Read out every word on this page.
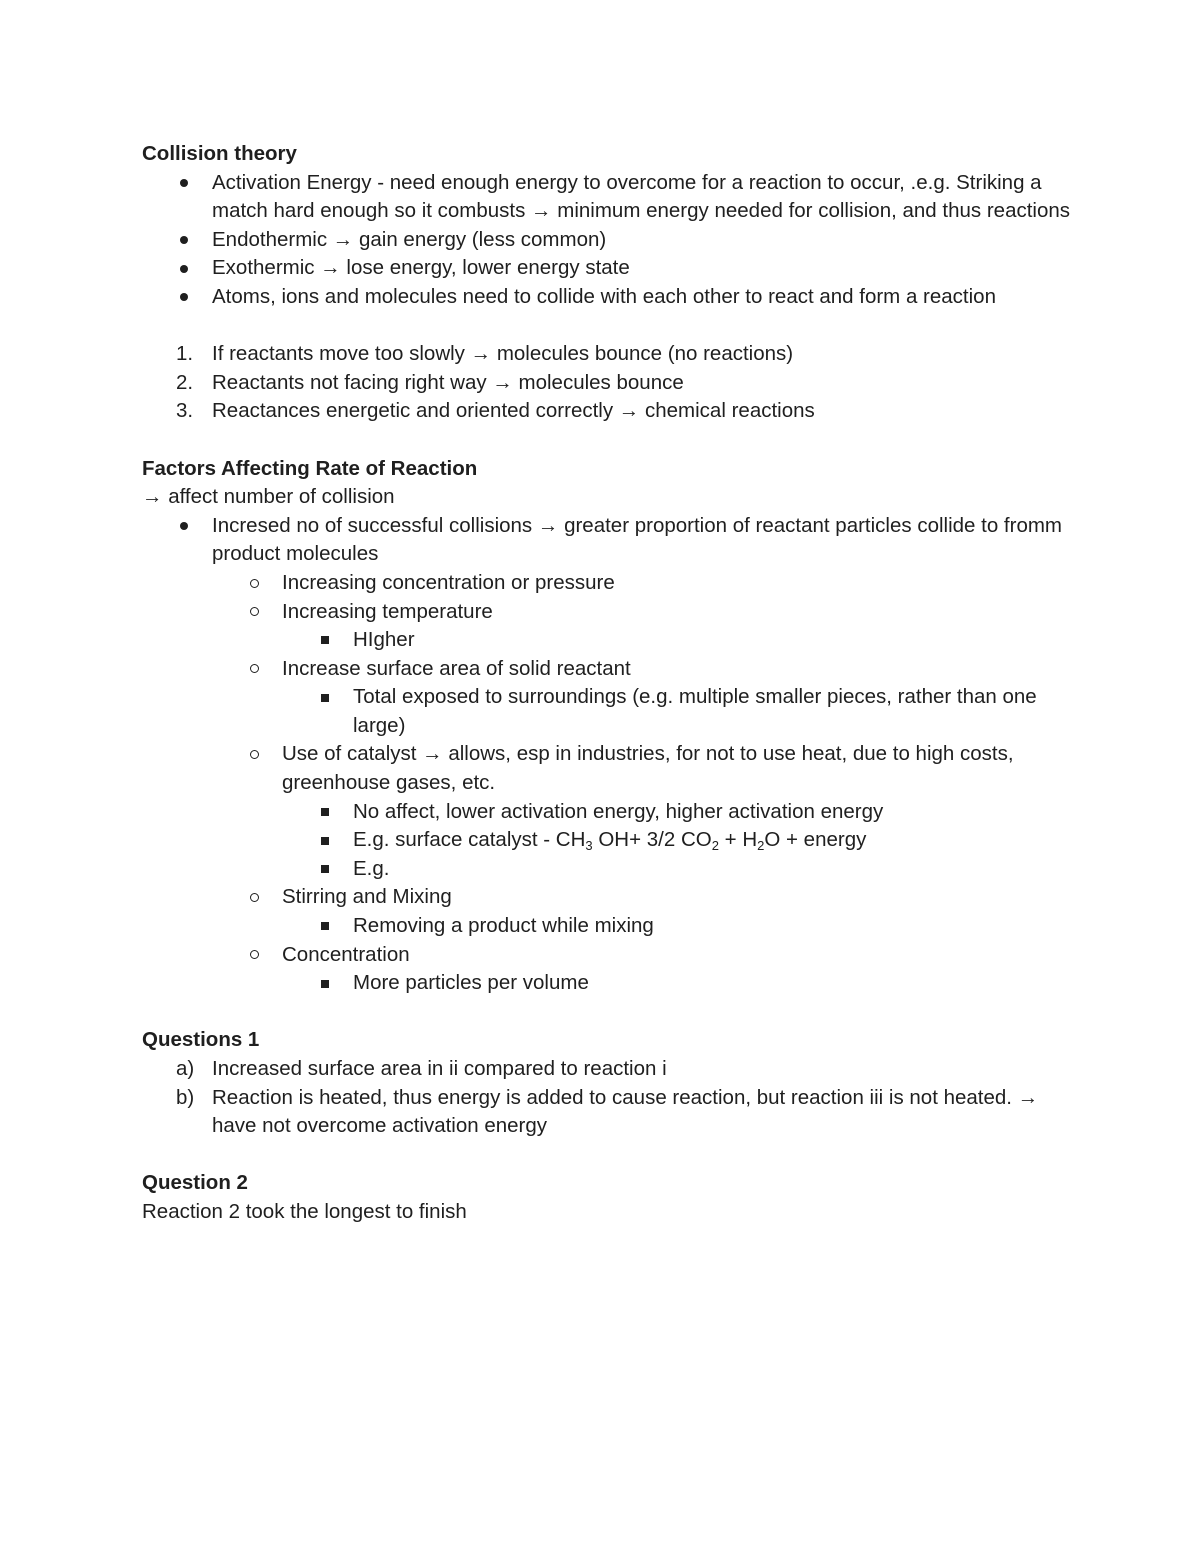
Collision theory
Activation Energy - need enough energy to overcome for a reaction to occur, .e.g. Striking a match hard enough so it combusts → minimum energy needed for collision, and thus reactions
Endothermic → gain energy (less common)
Exothermic → lose energy, lower energy state
Atoms, ions and molecules need to collide with each other to react and form a reaction
1. If reactants move too slowly → molecules bounce (no reactions)
2. Reactants not facing right way → molecules bounce
3. Reactances energetic and oriented correctly → chemical reactions
Factors Affecting Rate of Reaction
→ affect number of collision
Incresed no of successful collisions → greater proportion of reactant particles collide to fromm product molecules
Increasing concentration or pressure
Increasing temperature
HIgher
Increase surface area of solid reactant
Total exposed to surroundings (e.g. multiple smaller pieces, rather than one large)
Use of catalyst → allows, esp in industries, for not to use heat, due to high costs, greenhouse gases, etc.
No affect, lower activation energy, higher activation energy
E.g. surface catalyst - $CH_3$ OH+ 3/2 $CO_2 + H_2O$ + energy
E.g.
Stirring and Mixing
Removing a product while mixing
Concentration
More particles per volume
Questions 1
a) Increased surface area in ii compared to reaction i
b) Reaction is heated, thus energy is added to cause reaction, but reaction iii is not heated. → have not overcome activation energy
Question 2
Reaction 2 took the longest to finish
